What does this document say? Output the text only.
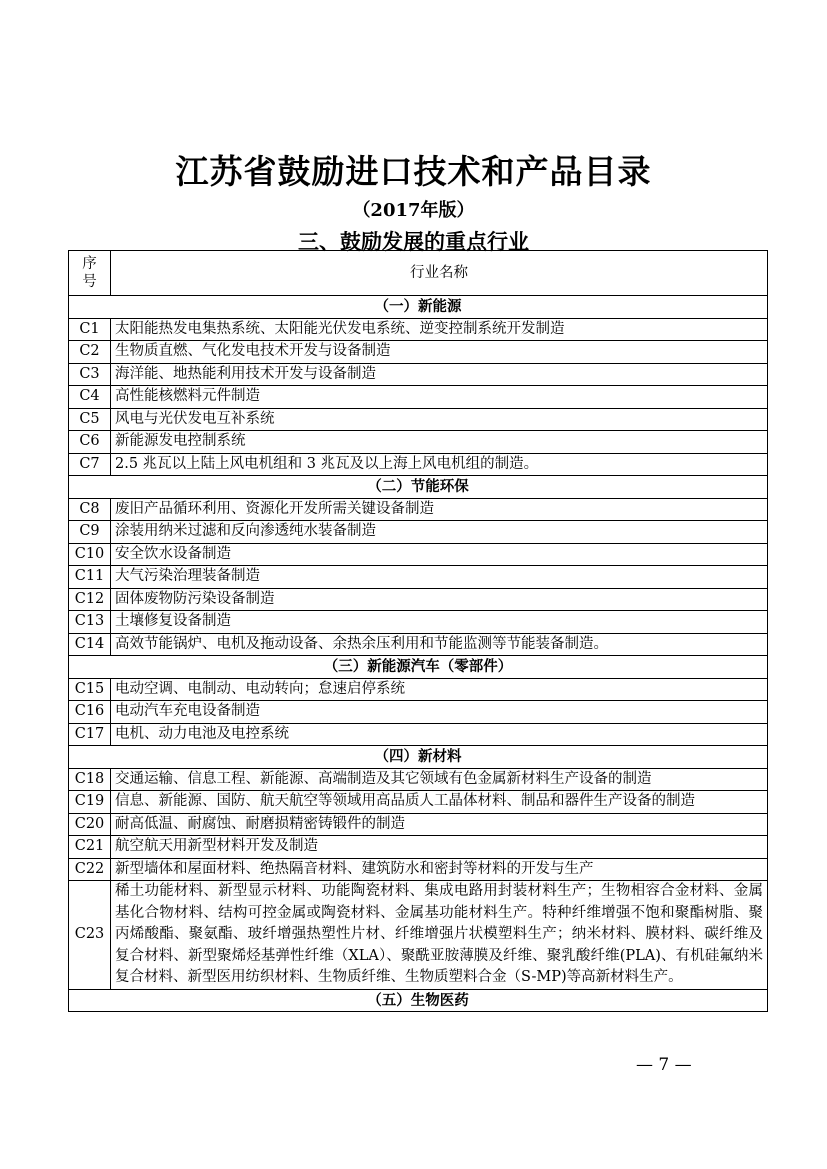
江苏省鼓励进口技术和产品目录
（2017年版）
三、鼓励发展的重点行业
序号	行业名称
（一）新能源	
C1	太阳能热发电集热系统、太阳能光伏发电系统、逆变控制系统开发制造
C2	生物质直燃、气化发电技术开发与设备制造
C3	海洋能、地热能利用技术开发与设备制造
C4	高性能核燃料元件制造
C5	风电与光伏发电互补系统
C6	新能源发电控制系统
C7	2.5 兆瓦以上陆上风电机组和 3 兆瓦及以上海上风电机组的制造。
（二）节能环保	
C8	废旧产品循环利用、资源化开发所需关键设备制造
C9	涂装用纳米过滤和反向渗透纯水装备制造
C10	安全饮水设备制造
C11	大气污染治理装备制造
C12	固体废物防污染设备制造
C13	土壤修复设备制造
C14	高效节能锅炉、电机及拖动设备、余热余压利用和节能监测等节能装备制造。
（三）新能源汽车（零部件）	
C15	电动空调、电制动、电动转向；怠速启停系统
C16	电动汽车充电设备制造
C17	电机、动力电池及电控系统
（四）新材料	
C18	交通运输、信息工程、新能源、高端制造及其它领域有色金属新材料生产设备的制造
C19	信息、新能源、国防、航天航空等领域用高品质人工晶体材料、制品和器件生产设备的制造
C20	耐高低温、耐腐蚀、耐磨损精密铸锻件的制造
C21	航空航天用新型材料开发及制造
C22	新型墙体和屋面材料、绝热隔音材料、建筑防水和密封等材料的开发与生产
C23	稀土功能材料、新型显示材料、功能陶瓷材料、集成电路用封装材料生产；生物相容合金材料、金属基化合物材料、结构可控金属或陶瓷材料、金属基功能材料生产。特种纤维增强不饱和聚酯树脂、聚丙烯酸酯、聚氨酯、玻纤增强热塑性片材、纤维增强片状模塑料生产；纳米材料、膜材料、碳纤维及复合材料、新型聚烯烃基弹性纤维（XLA）、聚酰亚胺薄膜及纤维、聚乳酸纤维(PLA)、有机硅氟纳米复合材料、新型医用纺织材料、生物质纤维、生物质塑料合金（S-MP)等高新材料生产。
（五）生物医药	
— 7 —
